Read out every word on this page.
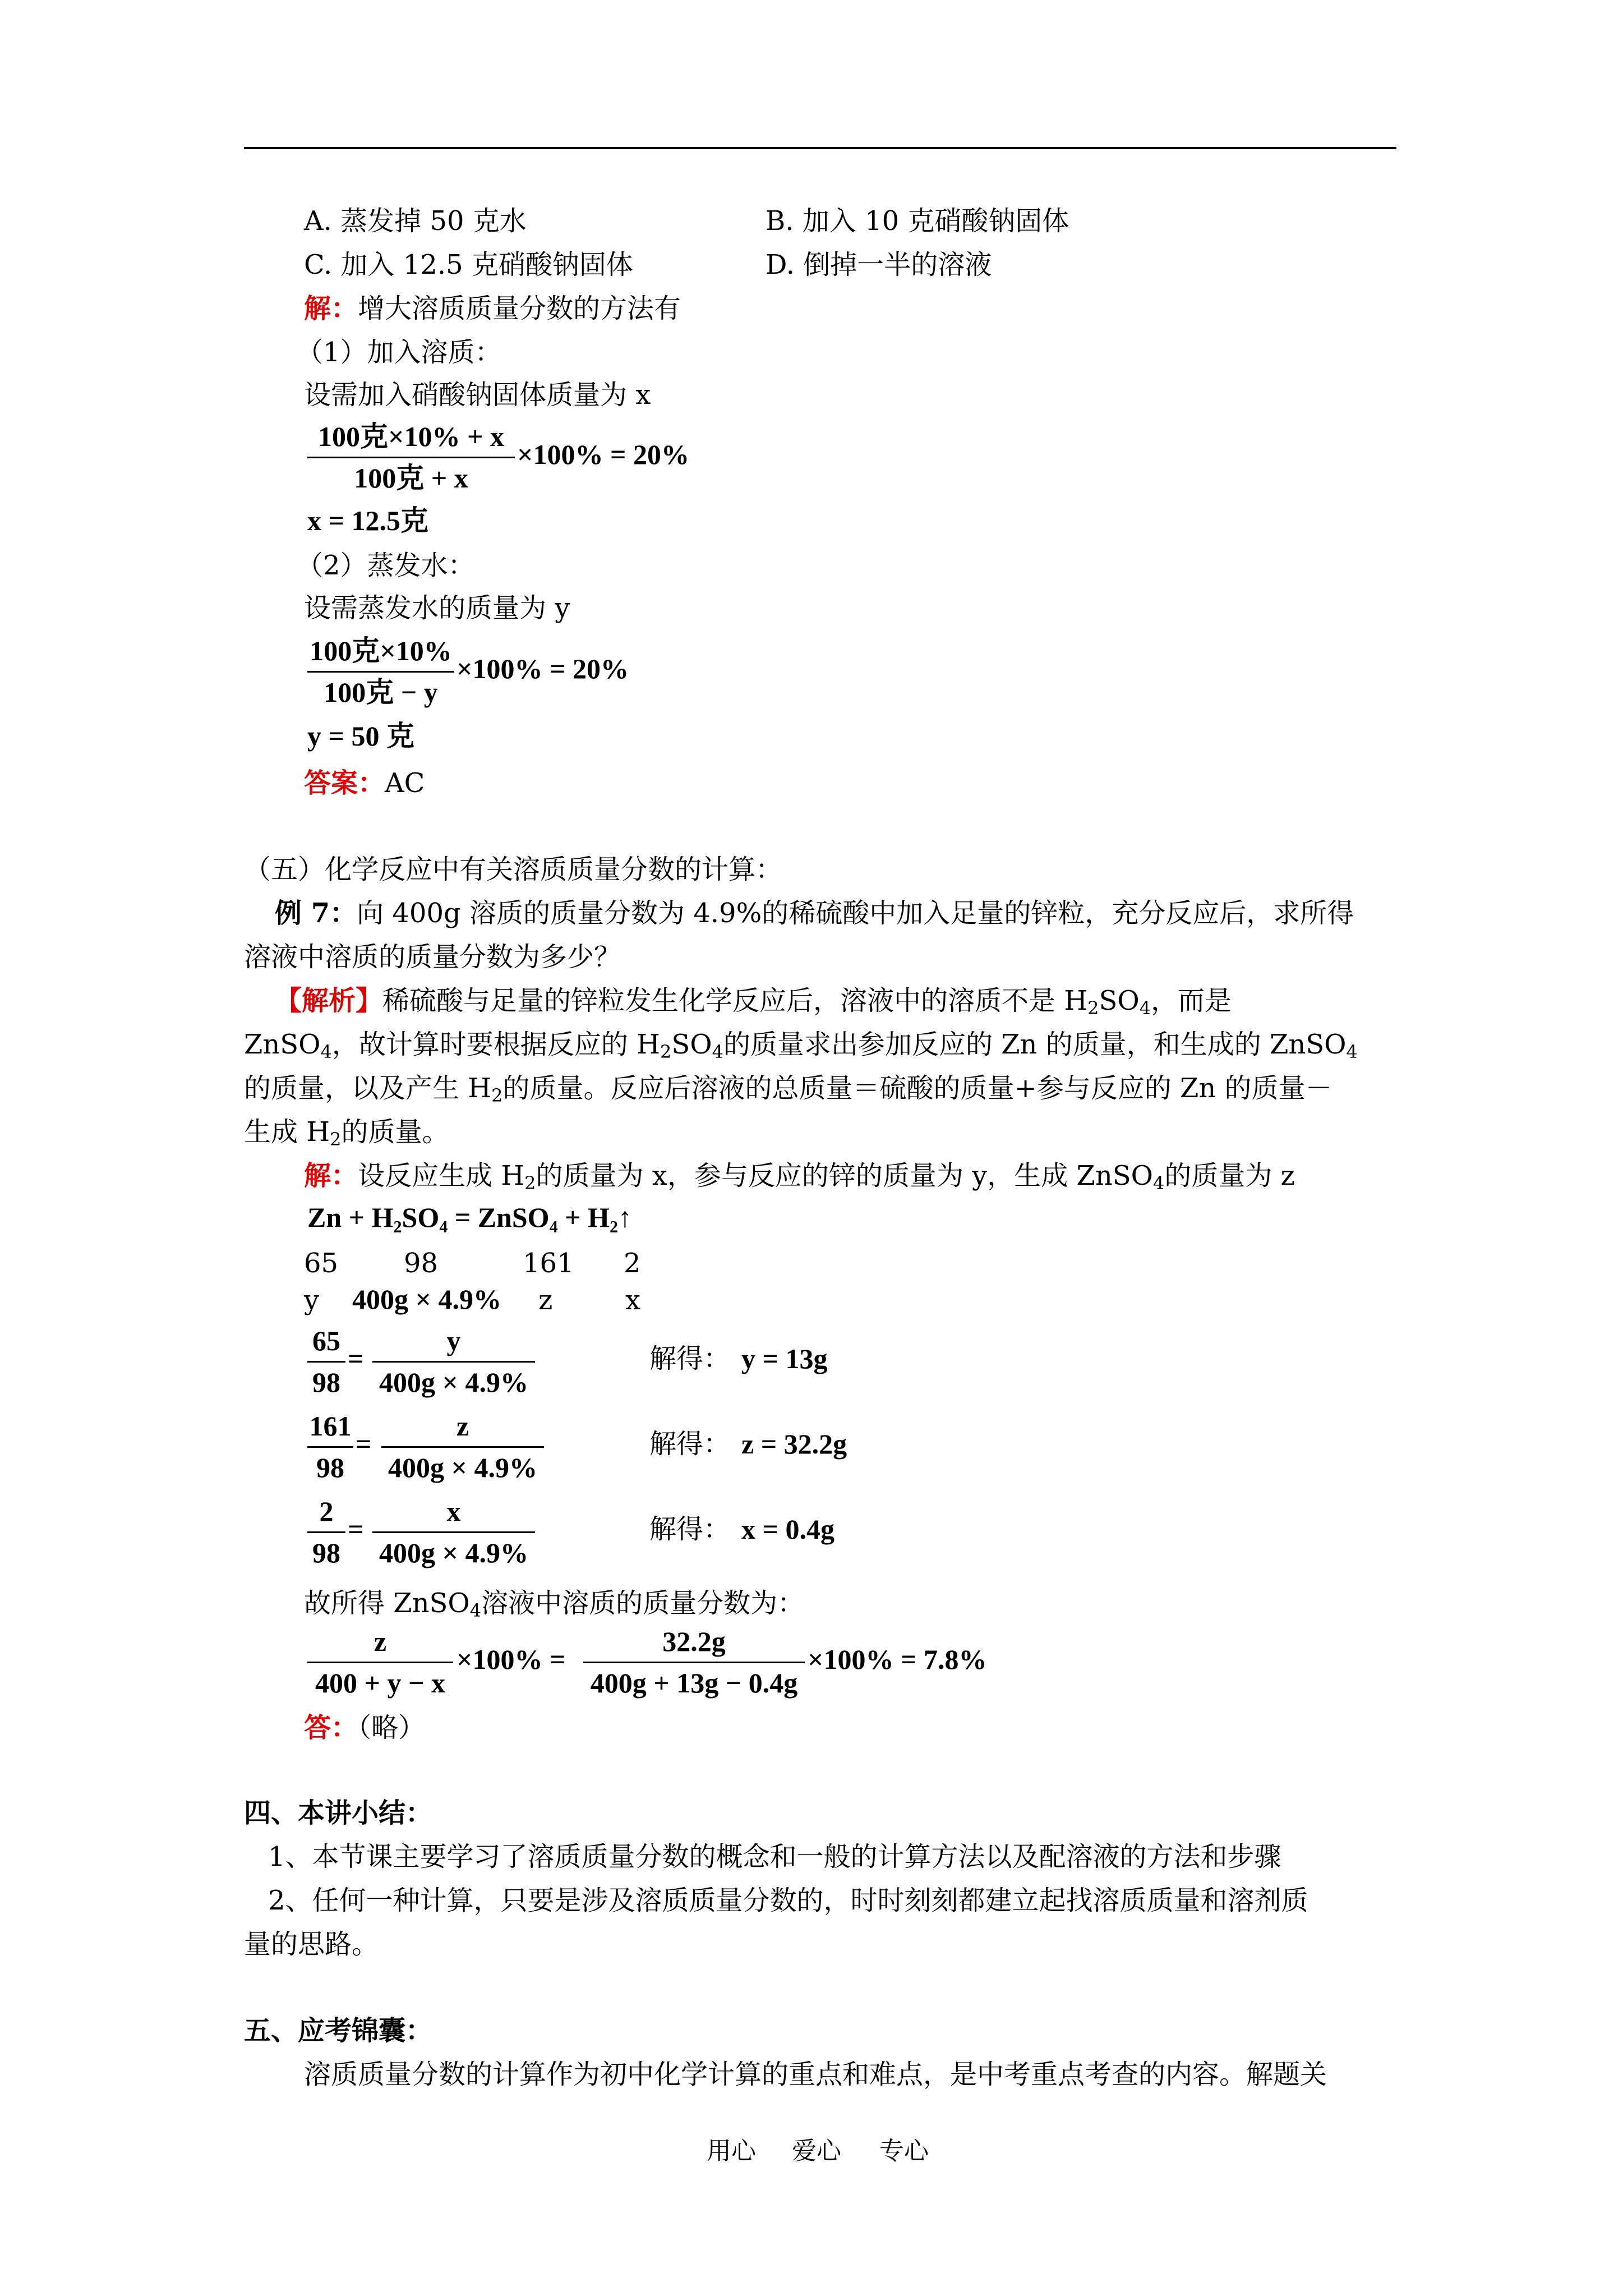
A. 蒸发掉 50 克水	B. 加入 10 克硝酸钠固体
C. 加入 12.5 克硝酸钠固体	D. 倒掉一半的溶液
解：增大溶质质量分数的方法有
（1）加入溶质：
设需加入硝酸钠固体质量为 x
100克×10% + x
100克 + x
×100% = 20%
x = 12.5克
（2）蒸发水：
设需蒸发水的质量为 y
100克×10%
100克 − y
×100% = 20%
y = 50 克
答案：AC
（五）化学反应中有关溶质质量分数的计算：
例 7：向 400g 溶质的质量分数为 4.9%的稀硫酸中加入足量的锌粒，充分反应后，求所得
溶液中溶质的质量分数为多少？
【解析】稀硫酸与足量的锌粒发生化学反应后，溶液中的溶质不是 $H_2SO_4$，而是
ZnSO$_4$，故计算时要根据反应的 $H_2SO_4$的质量求出参加反应的 Zn 的质量，和生成的 ZnSO$_4$
的质量，以及产生 $H_2$的质量。反应后溶液的总质量＝硫酸的质量+参与反应的 Zn 的质量－
生成 $H_2$的质量。
解：设反应生成 $H_2$的质量为 x，参与反应的锌的质量为 y，生成 ZnSO$_4$的质量为 z
Zn + H₂SO₄ = ZnSO₄ + H₂↑
65 98	161 2
y 400g × 4.9% z	x
65
98
=
y
400g × 4.9%
解得： y = 13g
161
98
=
z
400g × 4.9%
解得： z = 32.2g
2
98
=
x
400g × 4.9%
解得： x = 0.4g
故所得 ZnSO$_4$溶液中溶质的质量分数为：
z
400 + y − x
×100% =
32.2g
400g + 13g − 0.4g
×100% = 7.8%
答：（略）
四、本讲小结：
1、本节课主要学习了溶质质量分数的概念和一般的计算方法以及配溶液的方法和步骤
2、任何一种计算，只要是涉及溶质质量分数的，时时刻刻都建立起找溶质质量和溶剂质
量的思路。
五、应考锦囊：
溶质质量分数的计算作为初中化学计算的重点和难点，是中考重点考查的内容。解题关
用心 爱心 专心
